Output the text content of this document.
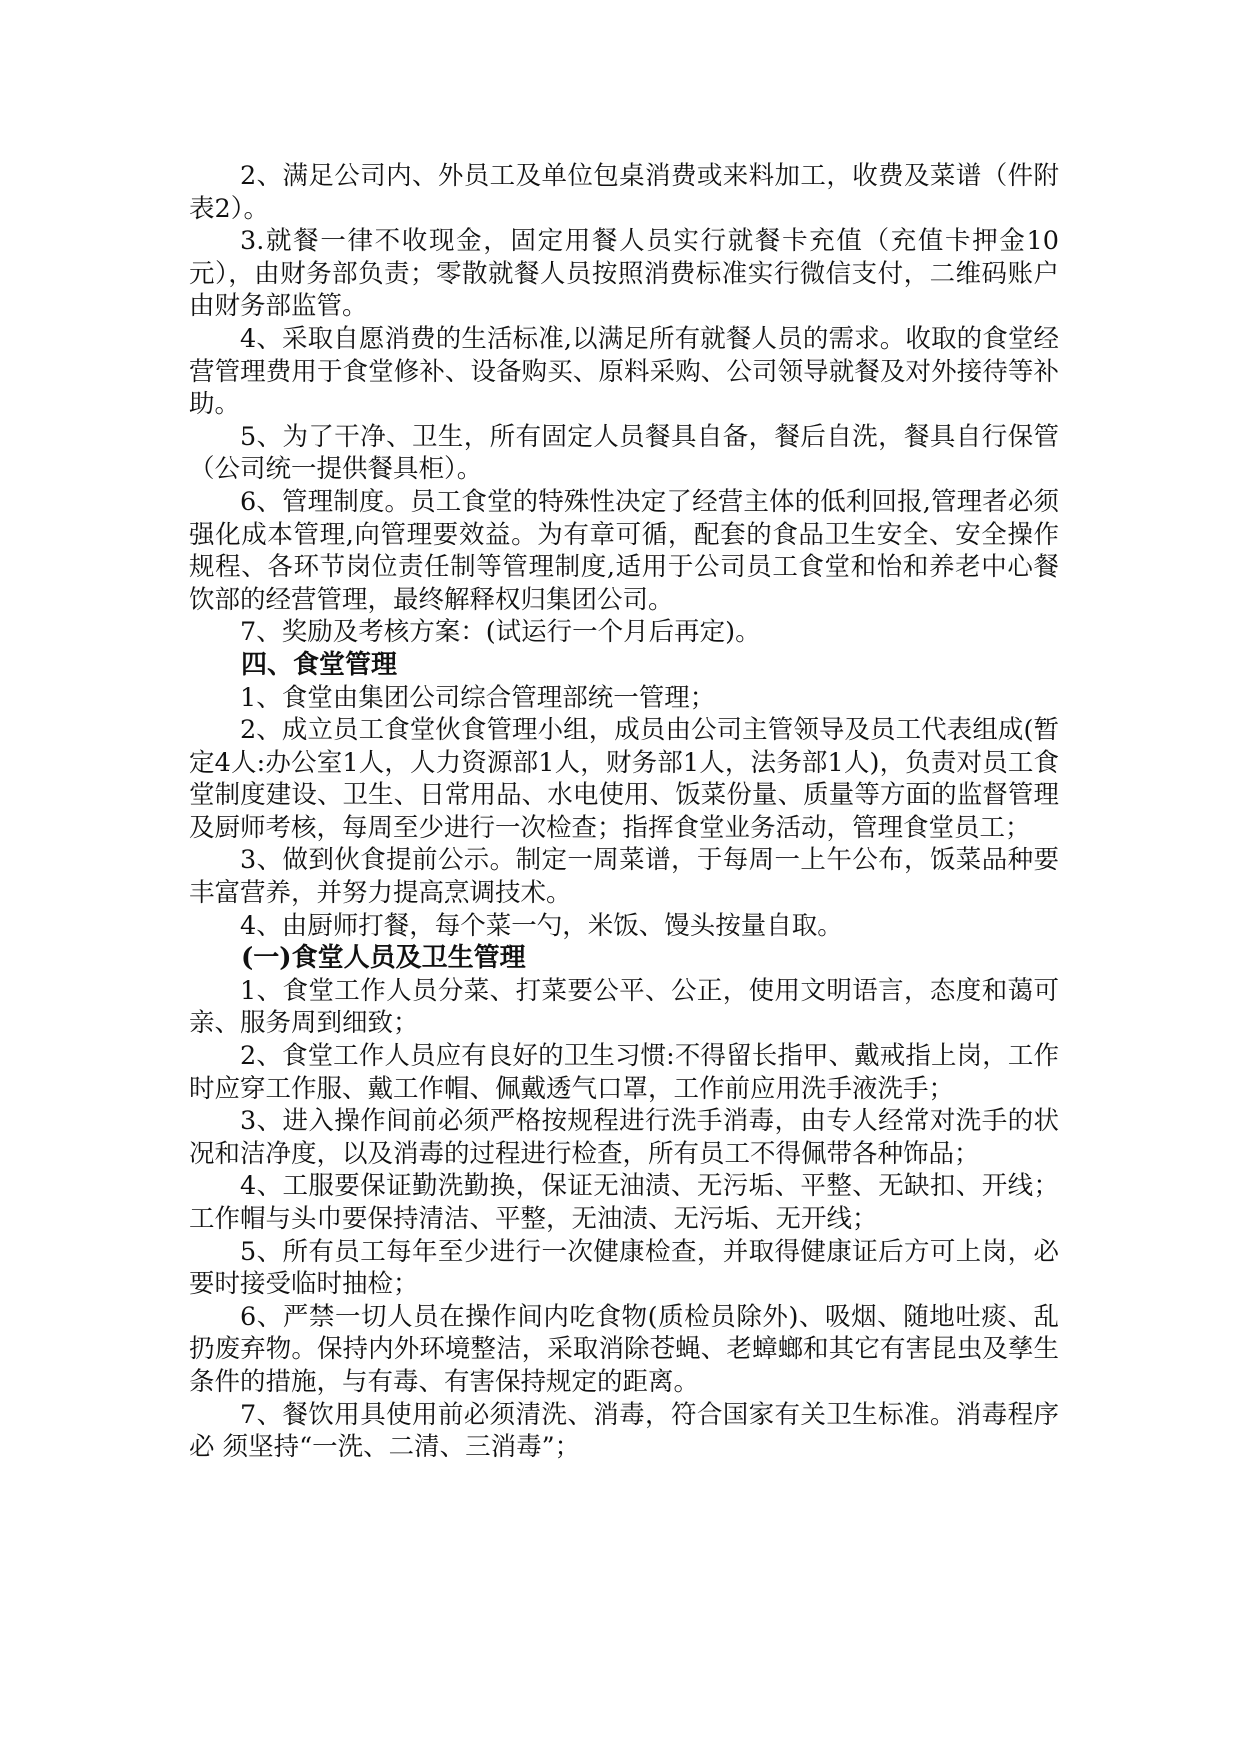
2、满足公司内、外员工及单位包桌消费或来料加工，收费及菜谱（件附表2）。

3.就餐一律不收现金，固定用餐人员实行就餐卡充值（充值卡押金10元），由财务部负责；零散就餐人员按照消费标准实行微信支付，二维码账户由财务部监管。

4、采取自愿消费的生活标准,以满足所有就餐人员的需求。收取的食堂经营管理费用于食堂修补、设备购买、原料采购、公司领导就餐及对外接待等补助。

5、为了干净、卫生，所有固定人员餐具自备，餐后自洗，餐具自行保管（公司统一提供餐具柜）。

6、管理制度。员工食堂的特殊性决定了经营主体的低利回报,管理者必须强化成本管理,向管理要效益。为有章可循，配套的食品卫生安全、安全操作规程、各环节岗位责任制等管理制度,适用于公司员工食堂和怡和养老中心餐饮部的经营管理，最终解释权归集团公司。

7、奖励及考核方案：(试运行一个月后再定)。

四、食堂管理

1、食堂由集团公司综合管理部统一管理；

2、成立员工食堂伙食管理小组，成员由公司主管领导及员工代表组成(暂定4人:办公室1人，人力资源部1人，财务部1人，法务部1人)，负责对员工食堂制度建设、卫生、日常用品、水电使用、饭菜份量、质量等方面的监督管理及厨师考核，每周至少进行一次检查；指挥食堂业务活动，管理食堂员工；

3、做到伙食提前公示。制定一周菜谱，于每周一上午公布，饭菜品种要丰富营养，并努力提高烹调技术。

4、由厨师打餐，每个菜一勺，米饭、馒头按量自取。

(一)食堂人员及卫生管理

1、食堂工作人员分菜、打菜要公平、公正，使用文明语言，态度和蔼可亲、服务周到细致；

2、食堂工作人员应有良好的卫生习惯:不得留长指甲、戴戒指上岗，工作时应穿工作服、戴工作帽、佩戴透气口罩，工作前应用洗手液洗手；

3、进入操作间前必须严格按规程进行洗手消毒，由专人经常对洗手的状况和洁净度，以及消毒的过程进行检查，所有员工不得佩带各种饰品；

4、工服要保证勤洗勤换，保证无油渍、无污垢、平整、无缺扣、开线；工作帽与头巾要保持清洁、平整，无油渍、无污垢、无开线；

5、所有员工每年至少进行一次健康检查，并取得健康证后方可上岗，必要时接受临时抽检；

6、严禁一切人员在操作间内吃食物(质检员除外)、吸烟、随地吐痰、乱扔废弃物。保持内外环境整洁，采取消除苍蝇、老蟑螂和其它有害昆虫及孳生条件的措施，与有毒、有害保持规定的距离。

7、餐饮用具使用前必须清洗、消毒，符合国家有关卫生标准。消毒程序必 须坚持“一洗、二清、三消毒”；
